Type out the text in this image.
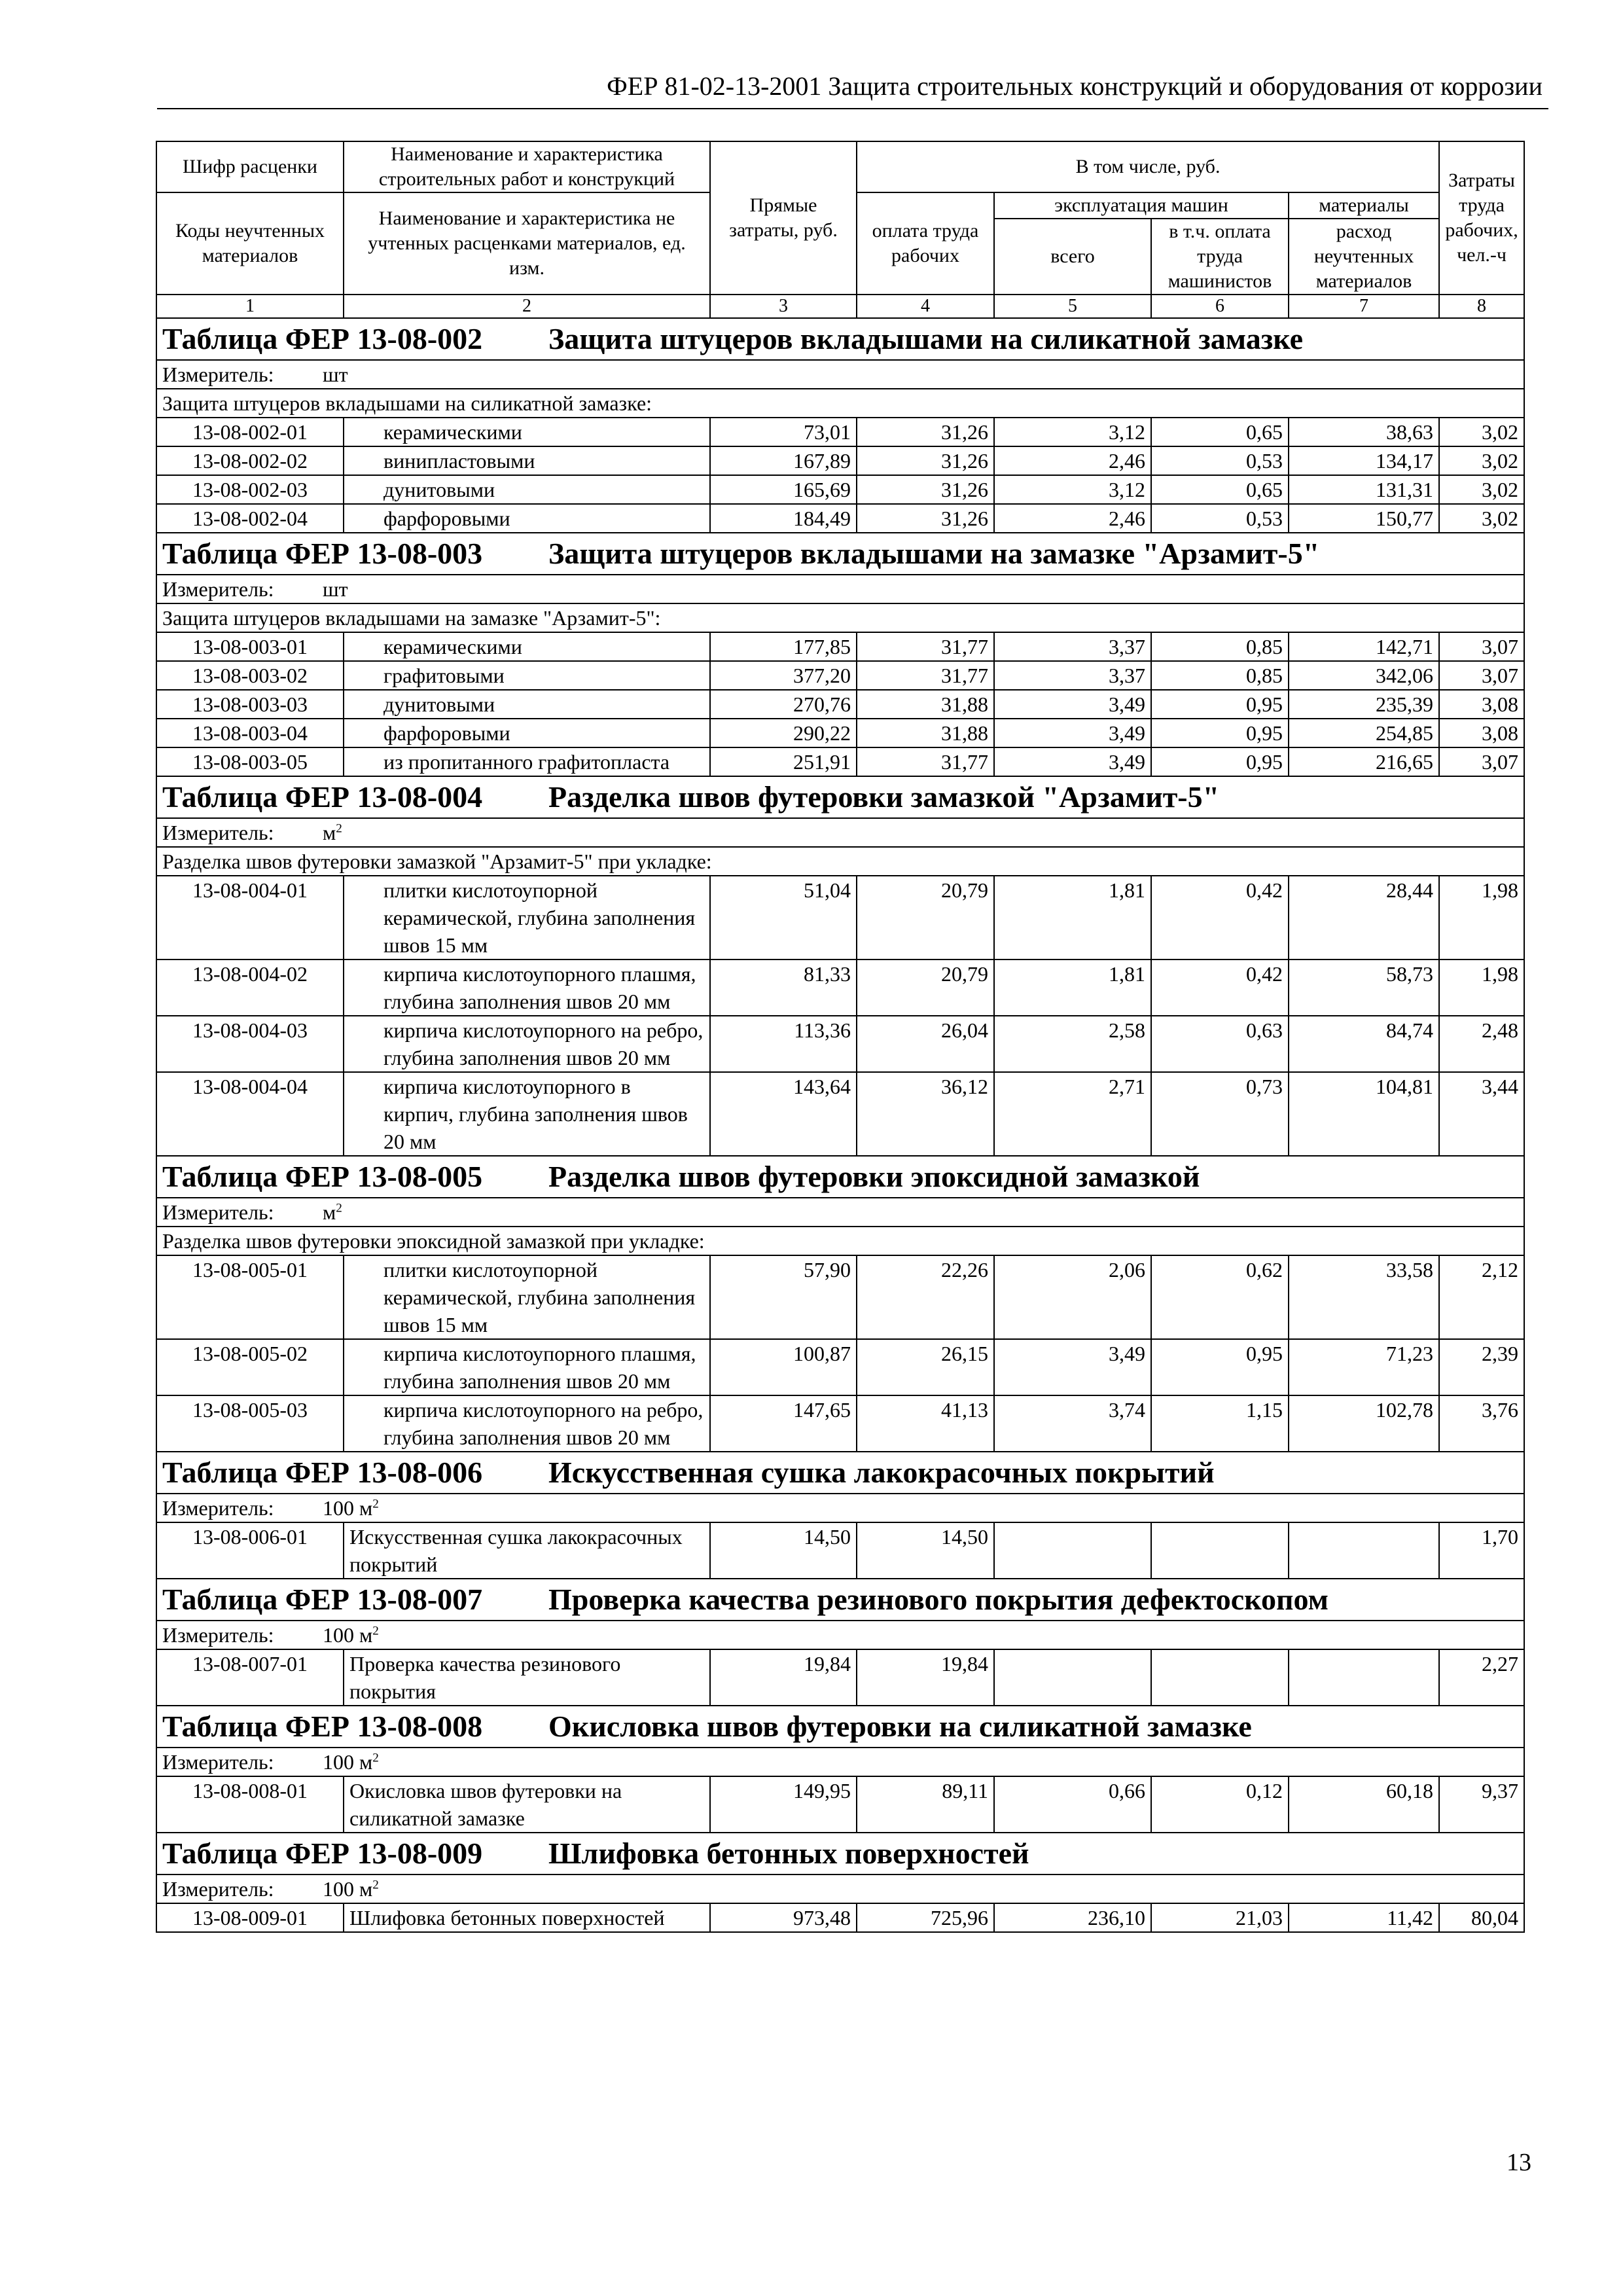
ФЕР 81-02-13-2001 Защита строительных конструкций и оборудования от коррозии
Шифр расценки	Наименование и характеристика строительных работ и конструкций	Прямые затраты, руб.	В том числе, руб.				Затраты труда рабочих, чел.-ч
Коды неучтенных материалов	Наименование и характеристика не учтенных расценками материалов, ед. изм.						
			оплата труда рабочих	эксплуатация машин		материалы	
				всего	в т.ч. оплата труда машинистов	расход неучтенных материалов	
1	2	3	4	5	6	7	8
Таблица ФЕР 13-08-002 Защита штуцеров вкладышами на силикатной замазке							
Измеритель: шт							
Защита штуцеров вкладышами на силикатной замазке:							
13-08-002-01	керамическими	73,01	31,26	3,12	0,65	38,63	3,02
13-08-002-02	винипластовыми	167,89	31,26	2,46	0,53	134,17	3,02
13-08-002-03	дунитовыми	165,69	31,26	3,12	0,65	131,31	3,02
13-08-002-04	фарфоровыми	184,49	31,26	2,46	0,53	150,77	3,02
Таблица ФЕР 13-08-003 Защита штуцеров вкладышами на замазке "Арзамит-5"							
Измеритель: шт							
Защита штуцеров вкладышами на замазке "Арзамит-5":							
13-08-003-01	керамическими	177,85	31,77	3,37	0,85	142,71	3,07
13-08-003-02	графитовыми	377,20	31,77	3,37	0,85	342,06	3,07
13-08-003-03	дунитовыми	270,76	31,88	3,49	0,95	235,39	3,08
13-08-003-04	фарфоровыми	290,22	31,88	3,49	0,95	254,85	3,08
13-08-003-05	из пропитанного графитопласта	251,91	31,77	3,49	0,95	216,65	3,07
Таблица ФЕР 13-08-004 Разделка швов футеровки замазкой "Арзамит-5"							
Измеритель: $м^2$
Разделка швов футеровки замазкой "Арзамит-5" при укладке:							
13-08-004-01	плитки кислотоупорной керамической, глубина заполнения швов 15 мм	51,04	20,79	1,81	0,42	28,44	1,98
13-08-004-02	кирпича кислотоупорного плашмя, глубина заполнения швов 20 мм	81,33	20,79	1,81	0,42	58,73	1,98
13-08-004-03	кирпича кислотоупорного на ребро, глубина заполнения швов 20 мм	113,36	26,04	2,58	0,63	84,74	2,48
13-08-004-04	кирпича кислотоупорного в кирпич, глубина заполнения швов 20 мм	143,64	36,12	2,71	0,73	104,81	3,44
Таблица ФЕР 13-08-005 Разделка швов футеровки эпоксидной замазкой							
Измеритель: $м^2$
Разделка швов футеровки эпоксидной замазкой при укладке:							
13-08-005-01	плитки кислотоупорной керамической, глубина заполнения швов 15 мм	57,90	22,26	2,06	0,62	33,58	2,12
13-08-005-02	кирпича кислотоупорного плашмя, глубина заполнения швов 20 мм	100,87	26,15	3,49	0,95	71,23	2,39
13-08-005-03	кирпича кислотоупорного на ребро, глубина заполнения швов 20 мм	147,65	41,13	3,74	1,15	102,78	3,76
Таблица ФЕР 13-08-006 Искусственная сушка лакокрасочных покрытий							
Измеритель: 100 $м^2$
13-08-006-01	Искусственная сушка лакокрасочных покрытий	14,50	14,50				1,70
Таблица ФЕР 13-08-007 Проверка качества резинового покрытия дефектоскопом							
Измеритель: 100 $м^2$
13-08-007-01	Проверка качества резинового покрытия	19,84	19,84				2,27
Таблица ФЕР 13-08-008 Окисловка швов футеровки на силикатной замазке							
Измеритель: 100 $м^2$
13-08-008-01	Окисловка швов футеровки на силикатной замазке	149,95	89,11	0,66	0,12	60,18	9,37
Таблица ФЕР 13-08-009 Шлифовка бетонных поверхностей							
Измеритель: 100 $м^2$
13-08-009-01	Шлифовка бетонных поверхностей	973,48	725,96	236,10	21,03	11,42	80,04
13
